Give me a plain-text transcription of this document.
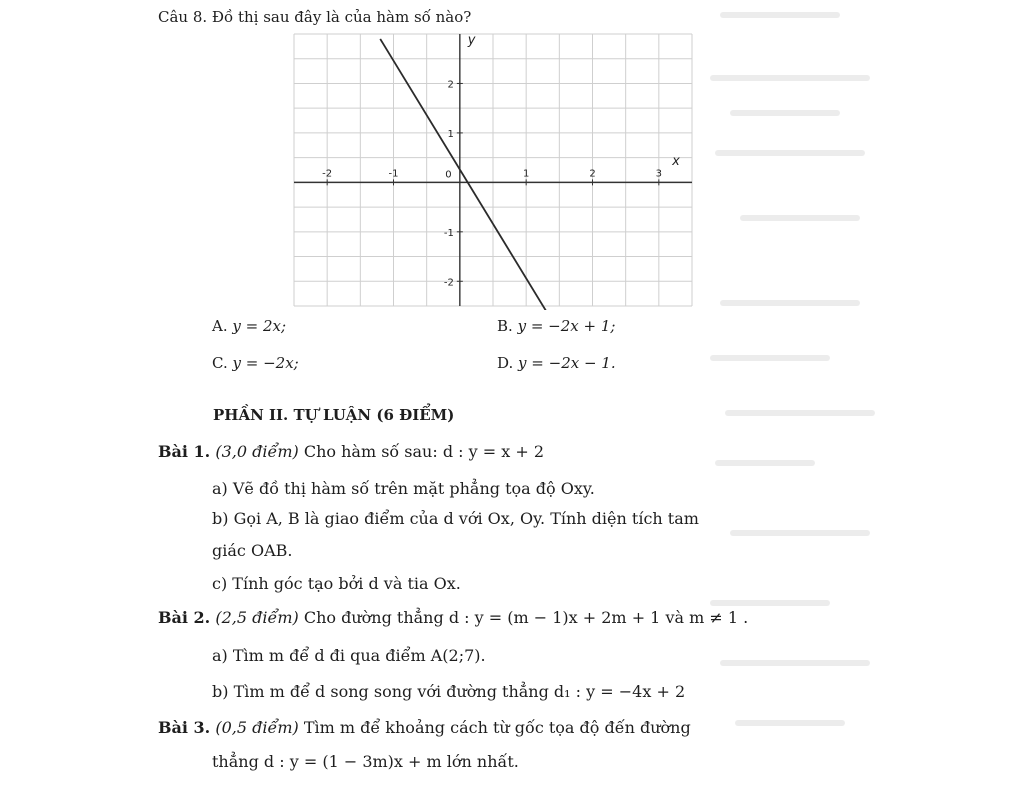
Câu 8. Đồ thị sau đây là của hàm số nào?
x
y
0
-2	-1	1	2	3
2
1
-1
-2
A. y = 2x;	B. y = −2x + 1;
C. y = −2x;	D. y = −2x − 1.
PHẦN II. TỰ LUẬN (6 ĐIỂM)
Bài 1. (3,0 điểm) Cho hàm số sau: d : y = x + 2
a) Vẽ đồ thị hàm số trên mặt phẳng tọa độ Oxy.
b) Gọi A, B là giao điểm của d với Ox, Oy. Tính diện tích tam
giác OAB.
c) Tính góc tạo bởi d và tia Ox.
Bài 2. (2,5 điểm) Cho đường thẳng d : y = (m − 1)x + 2m + 1 và m ≠ 1 .
a) Tìm m để d đi qua điểm A(2;7).
b) Tìm m để d song song với đường thẳng d₁ : y = −4x + 2
Bài 3. (0,5 điểm) Tìm m để khoảng cách từ gốc tọa độ đến đường
thẳng d : y = (1 − 3m)x + m lớn nhất.
